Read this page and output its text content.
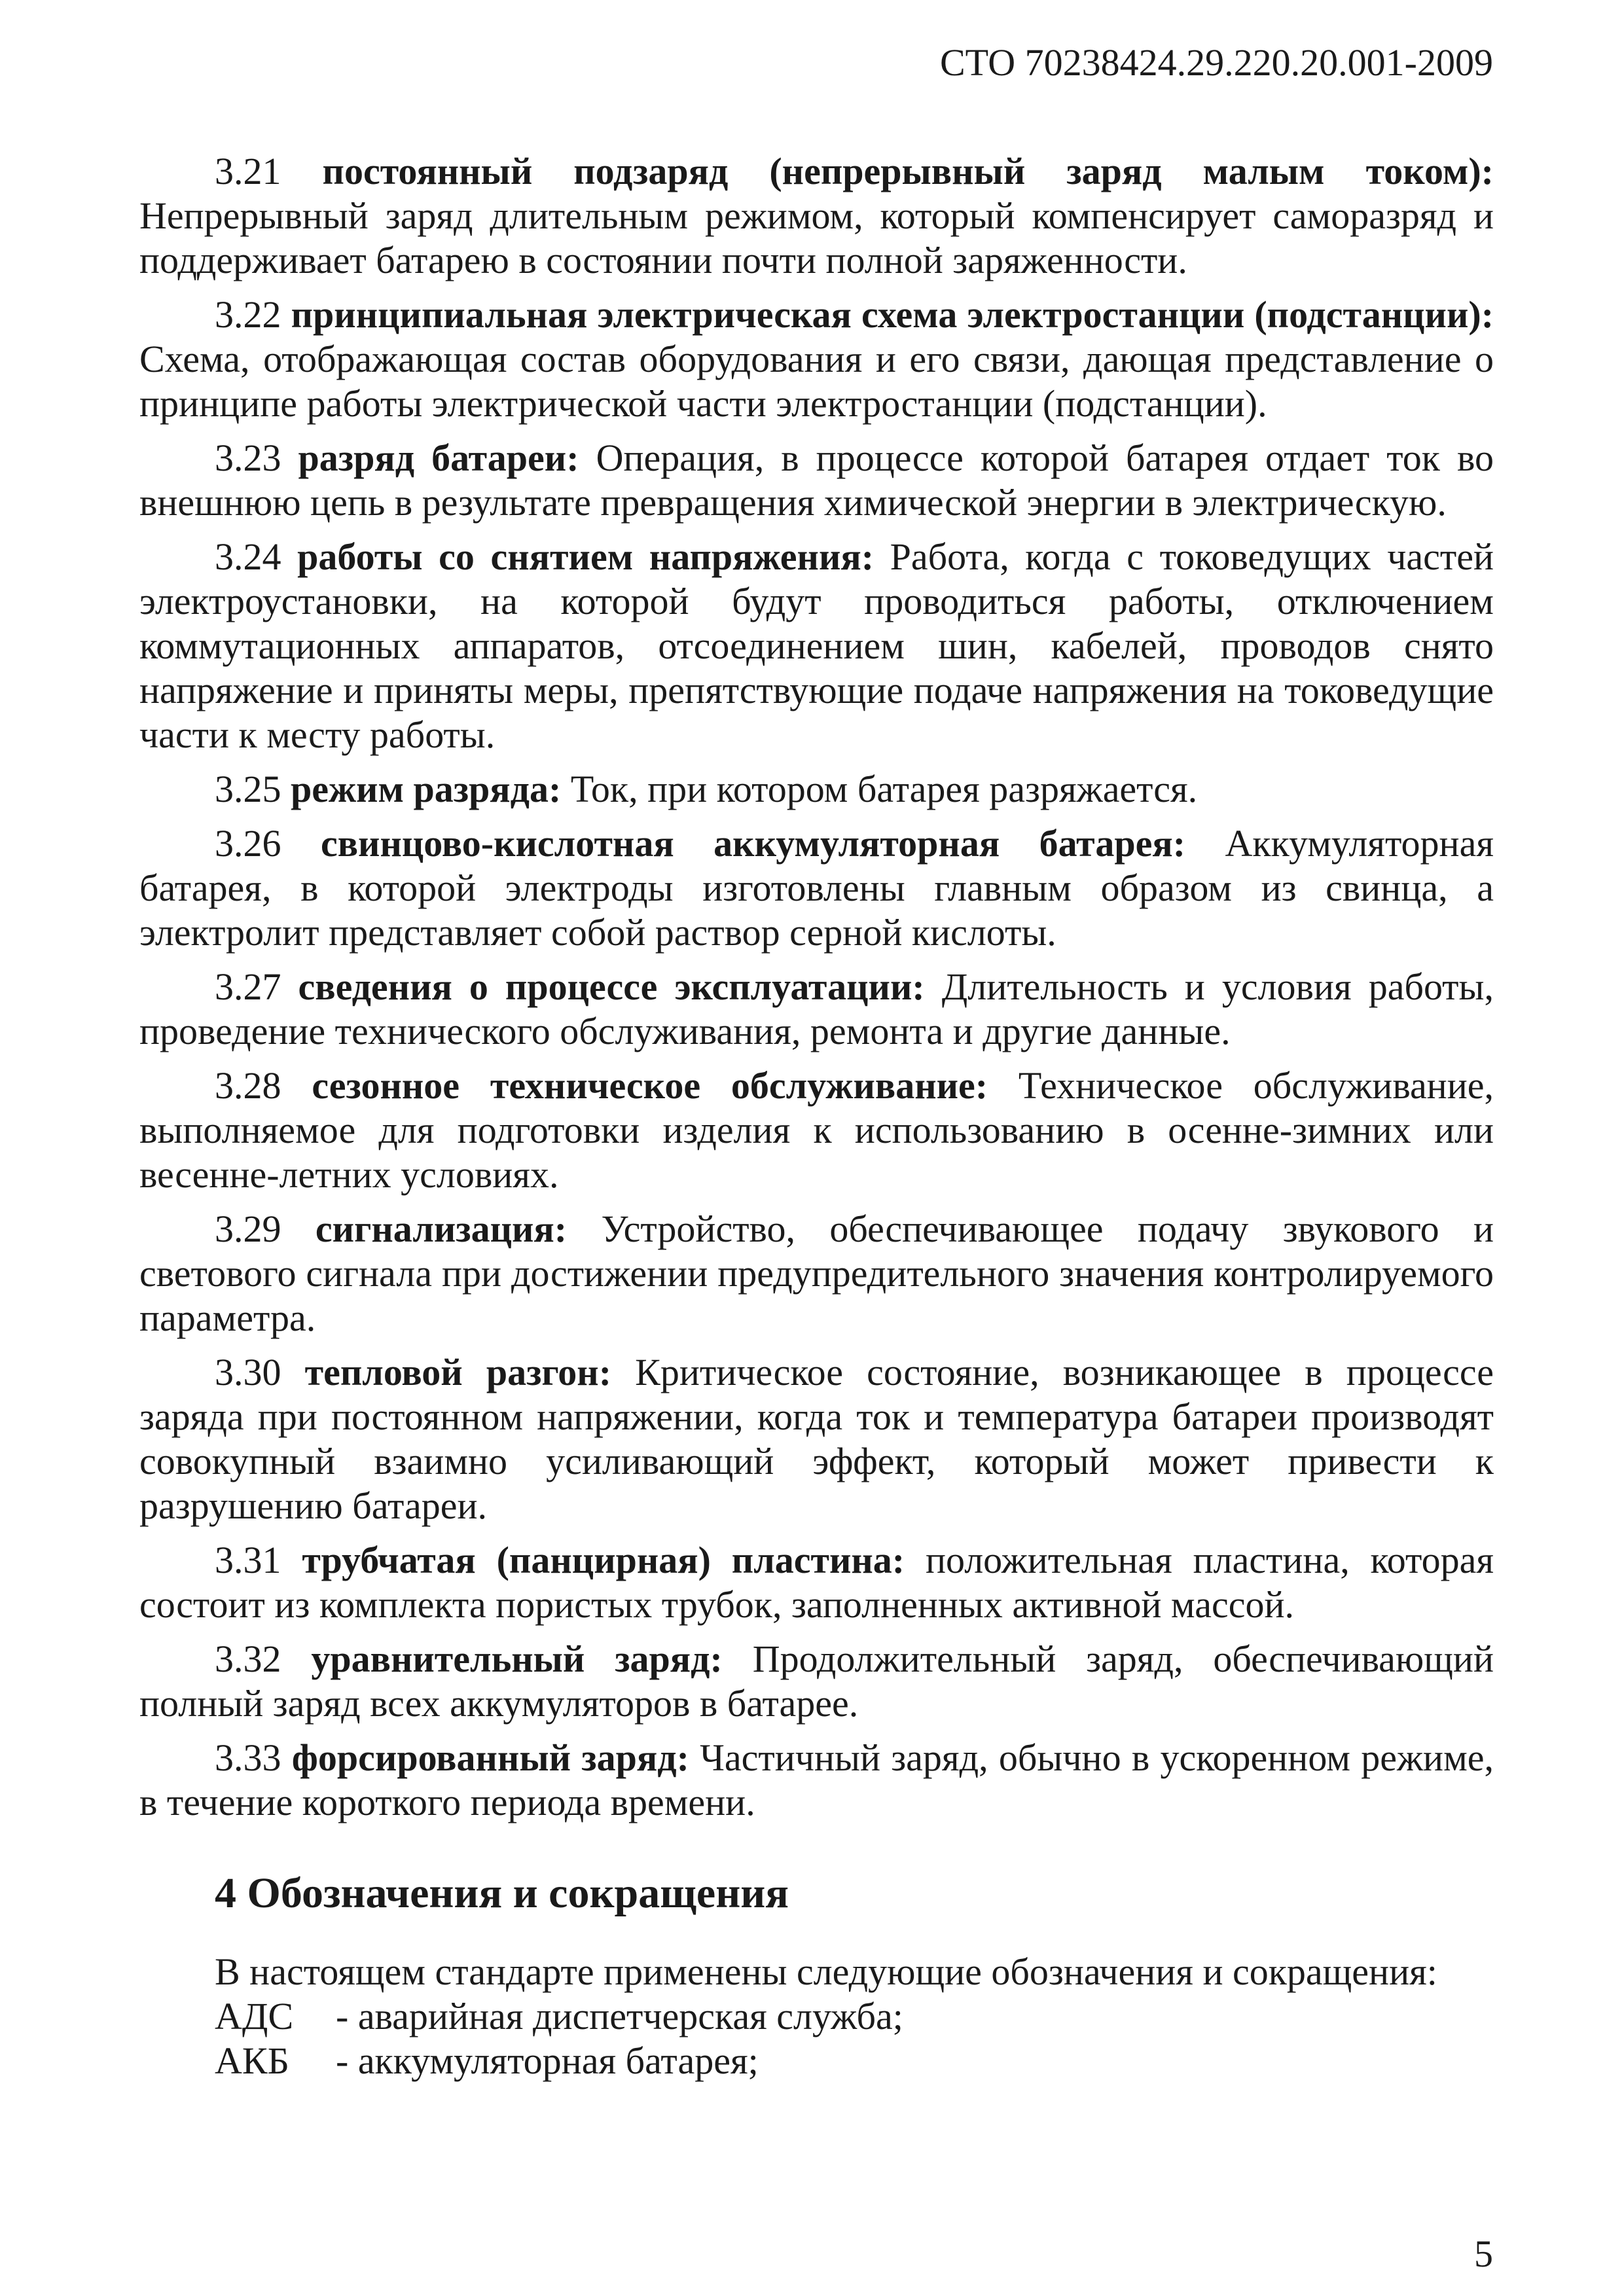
СТО 70238424.29.220.20.001-2009

3.21 постоянный подзаряд (непрерывный заряд малым током): Непрерывный заряд длительным режимом, который компенсирует саморазряд и поддерживает батарею в состоянии почти полной заряженности.

3.22 принципиальная электрическая схема электростанции (подстанции): Схема, отображающая состав оборудования и его связи, дающая представление о принципе работы электрической части электростанции (подстанции).

3.23 разряд батареи: Операция, в процессе которой батарея отдает ток во внешнюю цепь в результате превращения химической энергии в электрическую.

3.24 работы со снятием напряжения: Работа, когда с токоведущих частей электроустановки, на которой будут проводиться работы, отключением коммутационных аппаратов, отсоединением шин, кабелей, проводов снято напряжение и приняты меры, препятствующие подаче напряжения на токоведущие части к месту работы.

3.25 режим разряда: Ток, при котором батарея разряжается.

3.26 свинцово-кислотная аккумуляторная батарея: Аккумуляторная батарея, в которой электроды изготовлены главным образом из свинца, а электролит представляет собой раствор серной кислоты.

3.27 сведения о процессе эксплуатации: Длительность и условия работы, проведение технического обслуживания, ремонта и другие данные.

3.28 сезонное техническое обслуживание: Техническое обслуживание, выполняемое для подготовки изделия к использованию в осенне-зимних или весенне-летних условиях.

3.29 сигнализация: Устройство, обеспечивающее подачу звукового и светового сигнала при достижении предупредительного значения контролируемого параметра.

3.30 тепловой разгон: Критическое состояние, возникающее в процессе заряда при постоянном напряжении, когда ток и температура батареи производят совокупный взаимно усиливающий эффект, который может привести к разрушению батареи.

3.31 трубчатая (панцирная) пластина: положительная пластина, которая состоит из комплекта пористых трубок, заполненных активной массой.

3.32 уравнительный заряд: Продолжительный заряд, обеспечивающий полный заряд всех аккумуляторов в батарее.

3.33 форсированный заряд: Частичный заряд, обычно в ускоренном режиме, в течение короткого периода времени.

4 Обозначения и сокращения
В настоящем стандарте применены следующие обозначения и сокращения:
АДС	- аварийная диспетчерская служба;
АКБ	- аккумуляторная батарея;
5
